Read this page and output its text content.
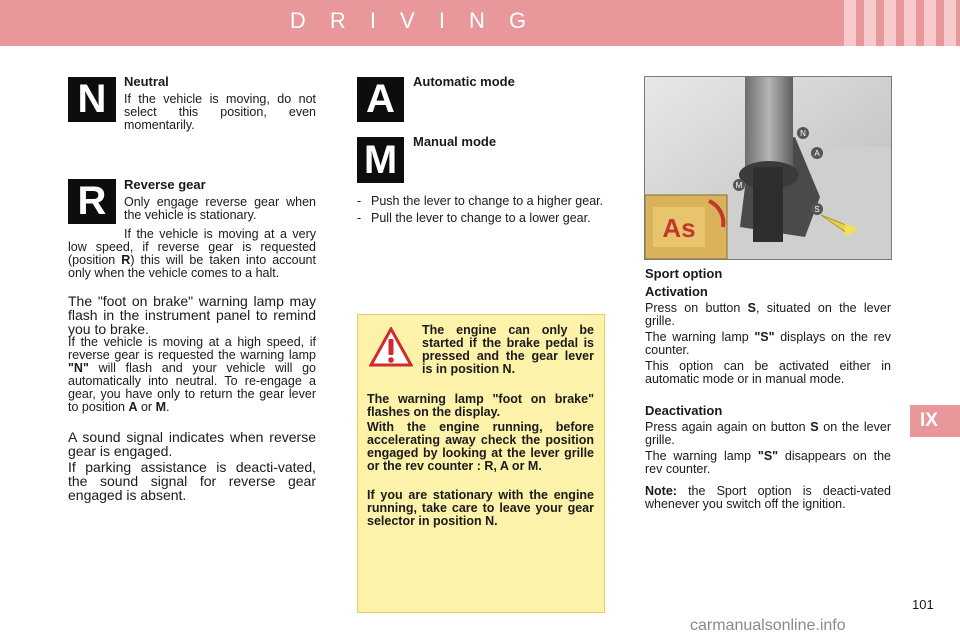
D R I V I N G
IX
N	Neutral
If the vehicle is moving, do not select this position, even momentarily.
R	Reverse gear
Only engage reverse gear when the vehicle is stationary.
If the vehicle is moving at a very low speed, if reverse gear is requested (position R) this will be taken into account only when the vehicle comes to a halt.
The "foot on brake" warning lamp may flash in the instrument panel to remind you to brake.
If the vehicle is moving at a high speed, if reverse gear is requested the warning lamp "N" will flash and your vehicle will go automatically into neutral. To re-engage a gear, you have only to return the gear lever to position A or M.
A sound signal indicates when reverse gear is engaged.
If parking assistance is deacti-vated, the sound signal for reverse gear engaged is absent.
A	Automatic mode
M	Manual mode
- Push the lever to change to a higher gear.
- Pull the lever to change to a lower gear.
The engine can only be started if the brake pedal is pressed and the gear lever is in position N.
The warning lamp "foot on brake" flashes on the display.
With the engine running, before accelerating away check the position engaged by looking at the lever grille or the rev counter : R, A or M.
If you are stationary with the engine running, take care to leave your gear selector in position N.
N
A
M
S
As
Sport option
Activation
Press on button S, situated on the lever grille.
The warning lamp "S" displays on the rev counter.
This option can be activated either in automatic mode or in manual mode.
Deactivation
Press again again on button S on the lever grille.
The warning lamp "S" disappears on the rev counter.
Note: the Sport option is deacti-vated whenever you switch off the ignition.
101
carmanualsonline.info
